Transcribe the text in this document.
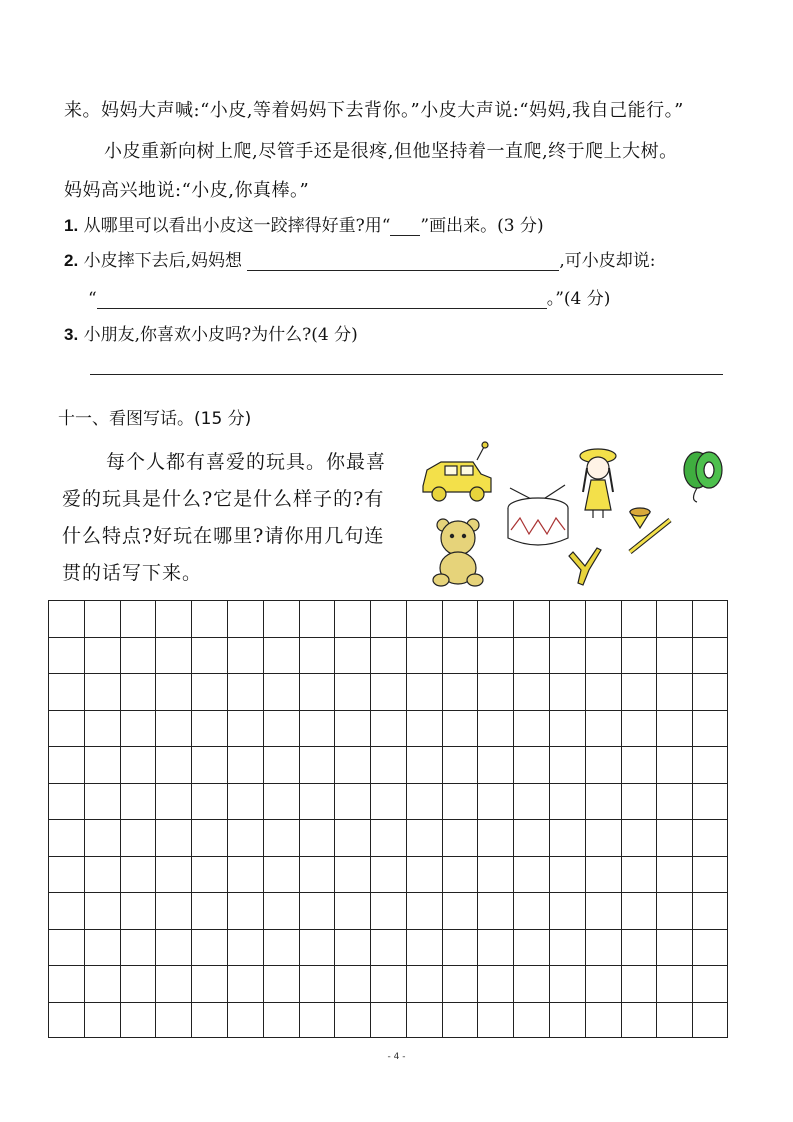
来。妈妈大声喊:“小皮,等着妈妈下去背你。”小皮大声说:“妈妈,我自己能行。”
小皮重新向树上爬,尽管手还是很疼,但他坚持着一直爬,终于爬上大树。
妈妈高兴地说:“小皮,你真棒。”
1. 从哪里可以看出小皮这一跤摔得好重?用“ ”画出来。(3 分)
2. 小皮摔下去后,妈妈想	,可小皮却说:
“	。”(4 分)
3. 小朋友,你喜欢小皮吗?为什么?(4 分)
十一、看图写话。(15 分)
每个人都有喜爱的玩具。你最喜爱的玩具是什么?它是什么样子的?有什么特点?好玩在哪里?请你用几句连贯的话写下来。
- 4 -
